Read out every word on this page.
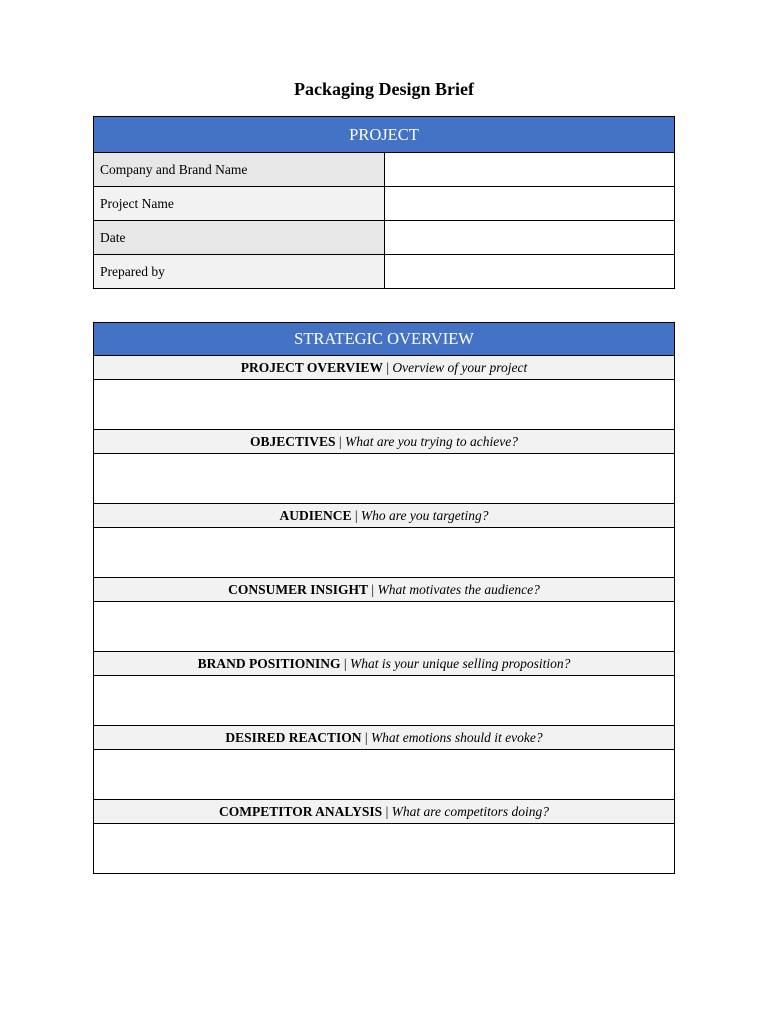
Packaging Design Brief
PROJECT	
Company and Brand Name	
Project Name	
Date	
Prepared by	
STRATEGIC OVERVIEW
PROJECT OVERVIEW | Overview of your project

OBJECTIVES | What are you trying to achieve?

AUDIENCE | Who are you targeting?

CONSUMER INSIGHT | What motivates the audience?

BRAND POSITIONING | What is your unique selling proposition?

DESIRED REACTION | What emotions should it evoke?

COMPETITOR ANALYSIS | What are competitors doing?
